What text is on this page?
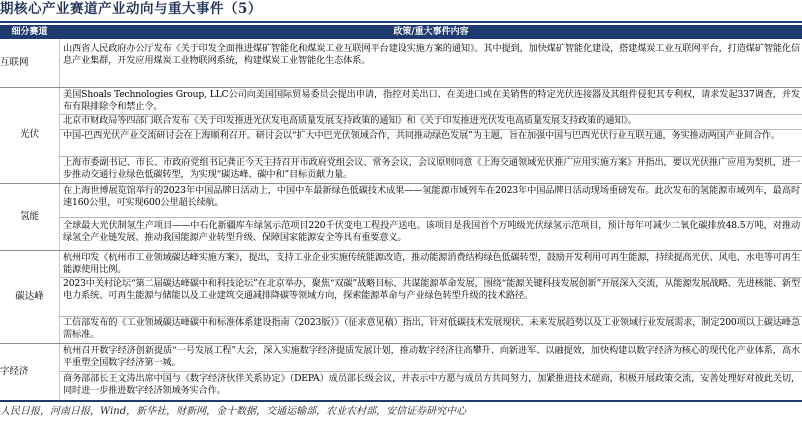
期核心产业赛道产业动向与重大事件（5）
细分赛道	政策/重大事件内容
互联网
光伏
氢能
碳达峰
字经济
山西省人民政府办公厅发布《关于印发全面推进煤矿智能化和煤炭工业互联网平台建设实施方案的通知》。其中提到，加快煤矿智能化建设，搭建煤炭工业互联网平台，打造煤矿智能化信息产业集群，开发应用煤炭工业物联网系统，构建煤炭工业智能化生态体系。
美国Shoals Technologies Group, LLC公司向美国国际贸易委员会提出申请，指控对美出口、在美进口或在美销售的特定光伏连接器及其组件侵犯其专利权，请求发起337调查，并发布有限排除令和禁止令。
北京市财政局等四部门联合发布《关于印发推进光伏发电高质量发展支持政策的通知》和《关于印发推进光伏发电高质量发展支持政策的通知》。
中国-巴西光伏产业交流研讨会在上海顺利召开。研讨会以“扩大中巴光伏领域合作，共同推动绿色发展”为主题，旨在加强中国与巴西光伏行业互联互通，务实推动两国产业间合作。
上海市委副书记、市长、市政府党组书记龚正今天主持召开市政府党组会议、常务会议，会议原则同意《上海交通领域光伏推广应用实施方案》并指出，要以光伏推广应用为契机，进一步推动交通行业绿色低碳转型，为实现“碳达峰、碳中和”目标贡献力量。
在上海世博展览馆举行的2023年中国品牌日活动上，中国中车最新绿色低碳技术成果——氢能源市域列车在2023年中国品牌日活动现场重磅发布。此次发布的氢能源市域列车，最高时速160公里，可实现600公里超长续航。
全球最大光伏制氢生产项目——中石化新疆库车绿氢示范项目220千伏变电工程投产送电。该项目是我国首个万吨级光伏绿氢示范项目，预计每年可减少二氧化碳排放48.5万吨，对推动绿氢全产业链发展、推动我国能源产业转型升级、保障国家能源安全等具有重要意义。
杭州印发《杭州市工业领域碳达峰实施方案》，提出，支持工业企业实施传统能源改造，推动能源消费结构绿色低碳转型，鼓励开发利用可再生能源，持续提高光伏、风电、水电等可再生能源使用比例。
2023中关村论坛“第二届碳达峰碳中和科技论坛”在北京举办，聚焦“双碳”战略目标、共谋能源革命发展，围绕“能源关键科技发展创新”开展深入交流，从能源发展战略、先进核能、新型电力系统、可再生能源与储能以及工业建筑交通减排降碳等领域方向，探索能源革命与产业绿色转型升级的技术路径。
工信部发布的《工业领域碳达峰碳中和标准体系建设指南（2023版）》（征求意见稿）指出，针对低碳技术发展现状、未来发展趋势以及工业领域行业发展需求，制定200项以上碳达峰急需标准。
杭州召开数字经济创新提质“一号发展工程”大会，深入实施数字经济提质发展计划，推动数字经济往高攀升、向新进军、以融提效，加快构建以数字经济为核心的现代化产业体系，高水平重塑全国数字经济第一城。
商务部部长王文涛出席中国与《数字经济伙伴关系协定》（DEPA）成员部长级会议，并表示中方愿与成员方共同努力，加紧推进技术磋商，积极开展政策交流，安善处理好对彼此关切，同时进一步推进数字经济领域务实合作。
人民日报，河南日报，Wind，新华社，财新网，金十数据，交通运输部，农业农村部，安信证券研究中心
